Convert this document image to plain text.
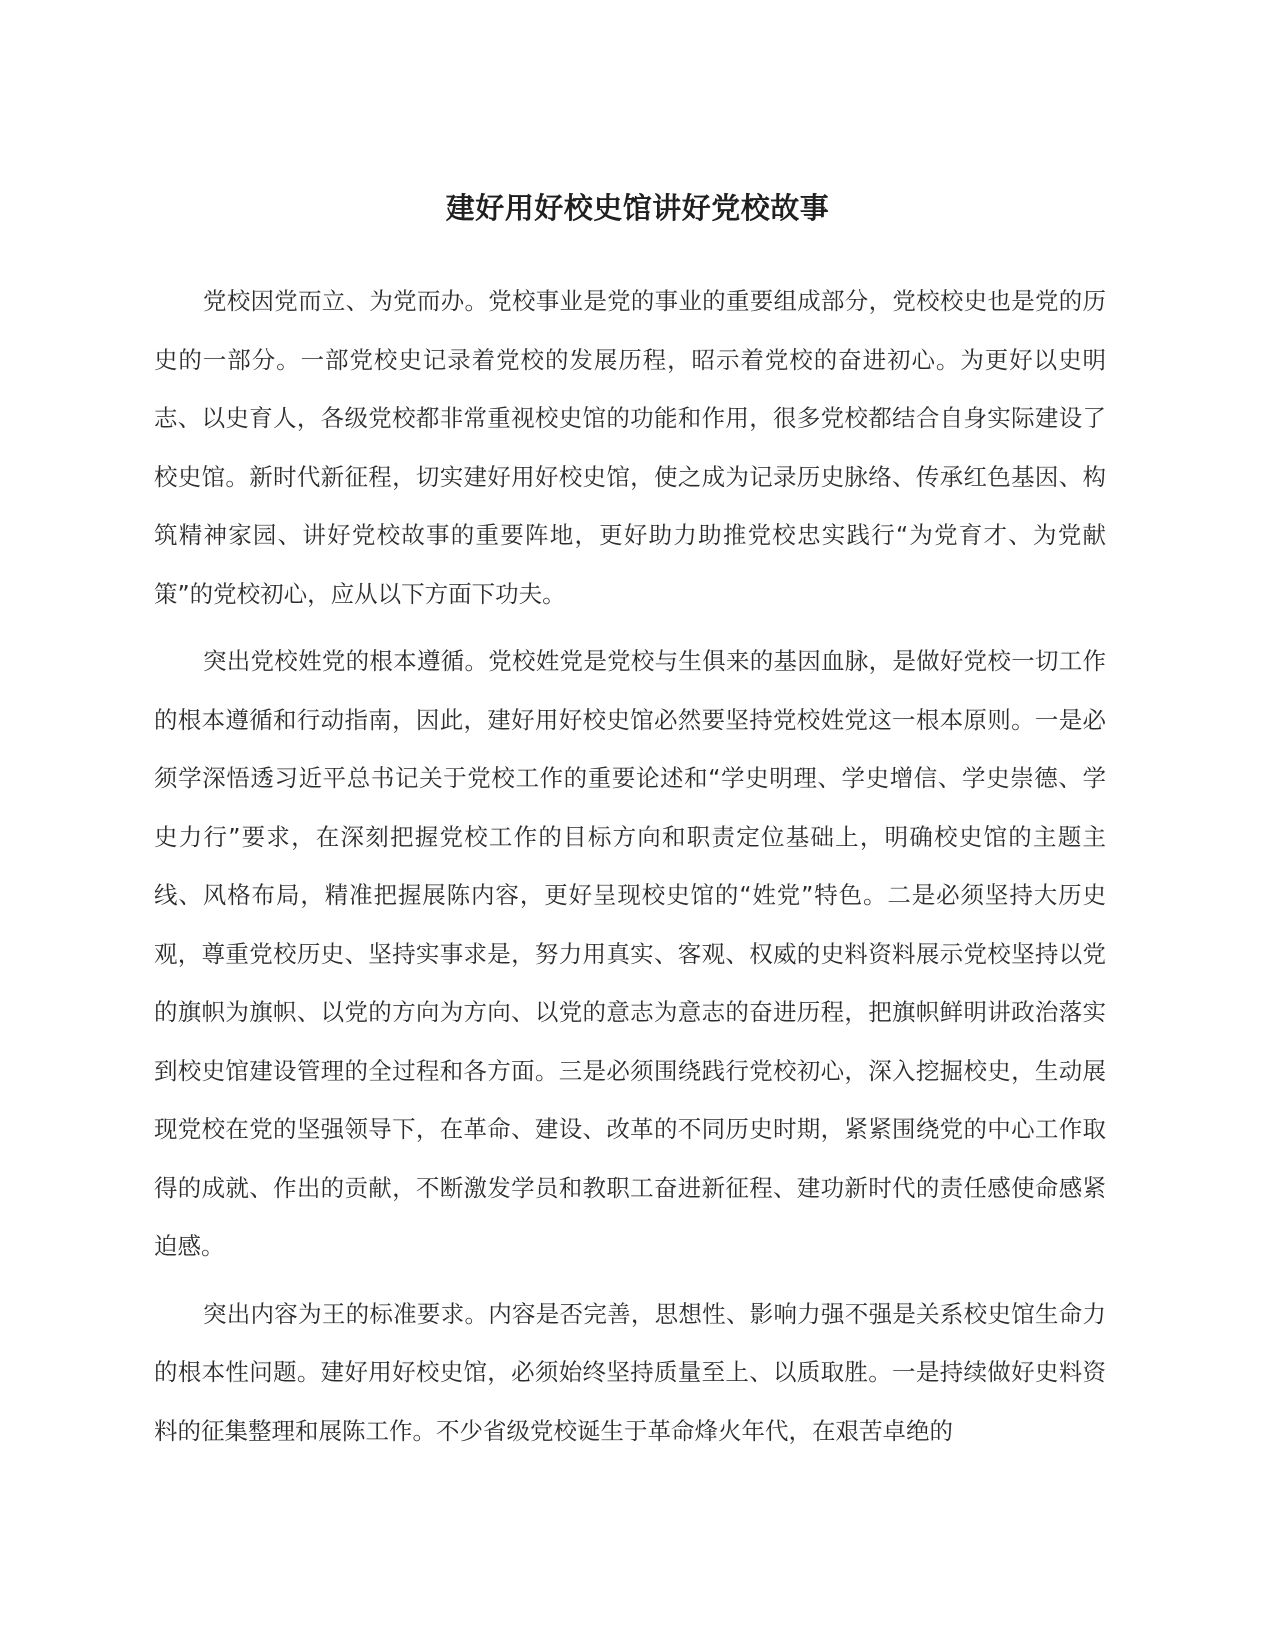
建好用好校史馆讲好党校故事

党校因党而立、为党而办。党校事业是党的事业的重要组成部分，党校校史也是党的历史的一部分。一部党校史记录着党校的发展历程，昭示着党校的奋进初心。为更好以史明志、以史育人，各级党校都非常重视校史馆的功能和作用，很多党校都结合自身实际建设了校史馆。新时代新征程，切实建好用好校史馆，使之成为记录历史脉络、传承红色基因、构筑精神家园、讲好党校故事的重要阵地，更好助力助推党校忠实践行“为党育才、为党献策”的党校初心，应从以下方面下功夫。

突出党校姓党的根本遵循。党校姓党是党校与生俱来的基因血脉，是做好党校一切工作的根本遵循和行动指南，因此，建好用好校史馆必然要坚持党校姓党这一根本原则。一是必须学深悟透习近平总书记关于党校工作的重要论述和“学史明理、学史增信、学史崇德、学史力行”要求，在深刻把握党校工作的目标方向和职责定位基础上，明确校史馆的主题主线、风格布局，精准把握展陈内容，更好呈现校史馆的“姓党”特色。二是必须坚持大历史观，尊重党校历史、坚持实事求是，努力用真实、客观、权威的史料资料展示党校坚持以党的旗帜为旗帜、以党的方向为方向、以党的意志为意志的奋进历程，把旗帜鲜明讲政治落实到校史馆建设管理的全过程和各方面。三是必须围绕践行党校初心，深入挖掘校史，生动展现党校在党的坚强领导下，在革命、建设、改革的不同历史时期，紧紧围绕党的中心工作取得的成就、作出的贡献，不断激发学员和教职工奋进新征程、建功新时代的责任感使命感紧迫感。

突出内容为王的标准要求。内容是否完善，思想性、影响力强不强是关系校史馆生命力的根本性问题。建好用好校史馆，必须始终坚持质量至上、以质取胜。一是持续做好史料资料的征集整理和展陈工作。不少省级党校诞生于革命烽火年代，在艰苦卓绝的
